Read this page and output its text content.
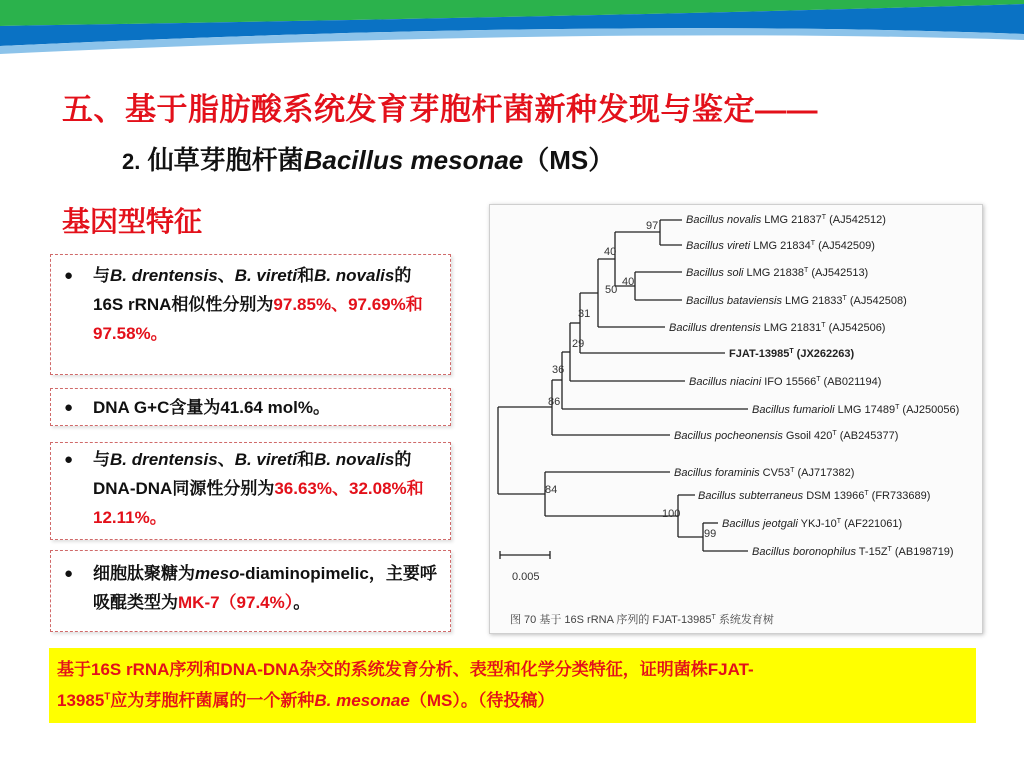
五、基于脂肪酸系统发育芽胞杆菌新种发现与鉴定——
2. 仙草芽胞杆菌Bacillus mesonae（MS）
基因型特征
● 与B. drentensis、B. vireti和B. novalis的16S rRNA相似性分别为97.85%、97.69%和97.58%。
● DNA G+C含量为41.64 mol%。
● 与B. drentensis、B. vireti和B. novalis的DNA-DNA同源性分别为36.63%、32.08%和12.11%。
● 细胞肽聚糖为meso-diaminopimelic，主要呼吸醌类型为MK-7（97.4%）。
97
40
40
50
31
29
36
86
84
100
99
Bacillus novalis LMG $21837^T$ (AJ542512)
Bacillus vireti LMG $21834^T$ (AJ542509)
Bacillus soli LMG $21838^T$ (AJ542513)
Bacillus bataviensis LMG $21833^T$ (AJ542508)
Bacillus drentensis LMG $21831^T$ (AJ542506)
FJAT-$13985^T$ (JX262263)
Bacillus niacini IFO $15566^T$ (AB021194)
Bacillus fumarioli LMG $17489^T$ (AJ250056)
Bacillus pocheonensis Gsoil $420^T$ (AB245377)
Bacillus foraminis $CV53^T$ (AJ717382)
Bacillus subterraneus DSM $13966^T$ (FR733689)
Bacillus jeotgali YKJ-$10^T$ (AF221061)
Bacillus boronophilus $T-15Z^T$ (AB198719)
0.005
图 70 基于 16S rRNA 序列的 FJAT-$13985^T$ 系统发育树
基于16S rRNA序列和DNA-DNA杂交的系统发育分析、表型和化学分类特征，证明菌株FJAT-
$13985^T$应为芽胞杆菌属的一个新种B. mesonae（MS）。（待投稿）
